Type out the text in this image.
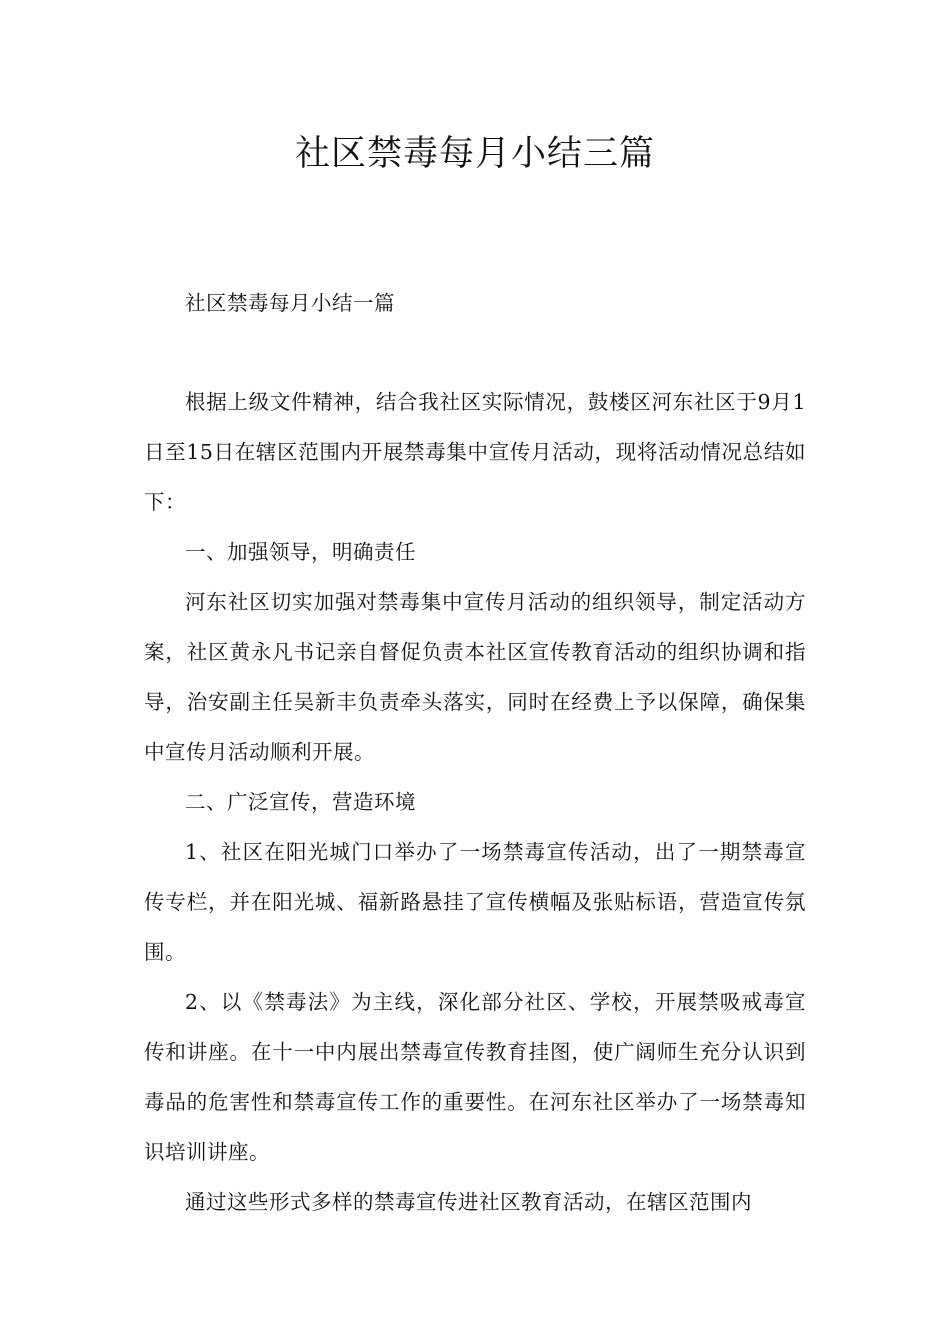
社区禁毒每月小结三篇

社区禁毒每月小结一篇

根据上级文件精神，结合我社区实际情况，鼓楼区河东社区于9月1日至15日在辖区范围内开展禁毒集中宣传月活动，现将活动情况总结如下：

一、加强领导，明确责任

河东社区切实加强对禁毒集中宣传月活动的组织领导，制定活动方案，社区黄永凡书记亲自督促负责本社区宣传教育活动的组织协调和指导，治安副主任吴新丰负责牵头落实，同时在经费上予以保障，确保集中宣传月活动顺利开展。

二、广泛宣传，营造环境

1、社区在阳光城门口举办了一场禁毒宣传活动，出了一期禁毒宣传专栏，并在阳光城、福新路悬挂了宣传横幅及张贴标语，营造宣传氛围。

2、以《禁毒法》为主线，深化部分社区、学校，开展禁吸戒毒宣传和讲座。在十一中内展出禁毒宣传教育挂图，使广阔师生充分认识到毒品的危害性和禁毒宣传工作的重要性。在河东社区举办了一场禁毒知识培训讲座。

通过这些形式多样的禁毒宣传进社区教育活动，在辖区范围内
